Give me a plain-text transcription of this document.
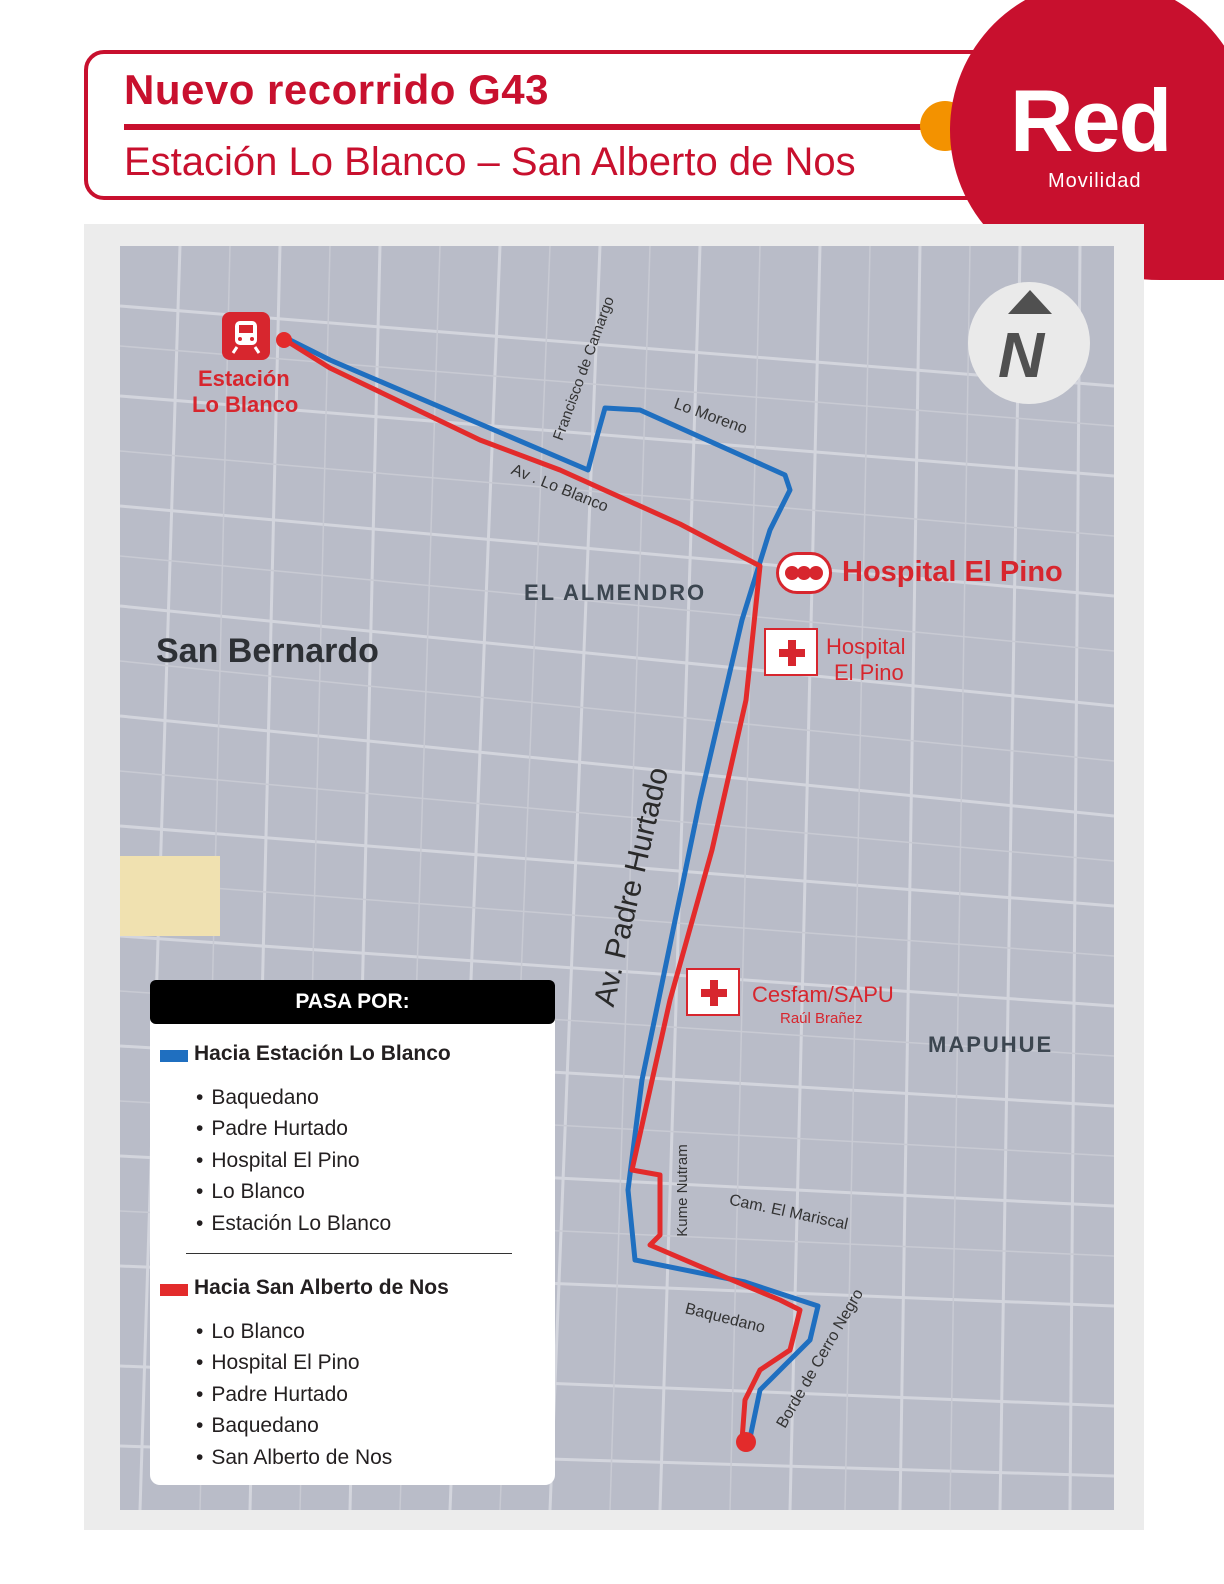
Nuevo recorrido G43
Estación Lo Blanco – San Alberto de Nos Red
Movilidad
Estación
Lo Blanco	Francisco de Camargo	Lo Moreno
Av . Lo Blanco
Hospital El Pino
EL ALMENDRO
San Bernardo	Hospital
El Pino
Av. Padre Hurtado	Cesfam/SAPU
Raúl Brañez
MAPUHUE
Kume Nutram Cam. El Mariscal
Baquedano Borde de Cerro Negro
N
PASA POR:
Hacia Estación Lo Blanco
• Baquedano
• Padre Hurtado
• Hospital El Pino
• Lo Blanco
• Estación Lo Blanco
Hacia San Alberto de Nos
• Lo Blanco
• Hospital El Pino
• Padre Hurtado
• Baquedano
• San Alberto de Nos
